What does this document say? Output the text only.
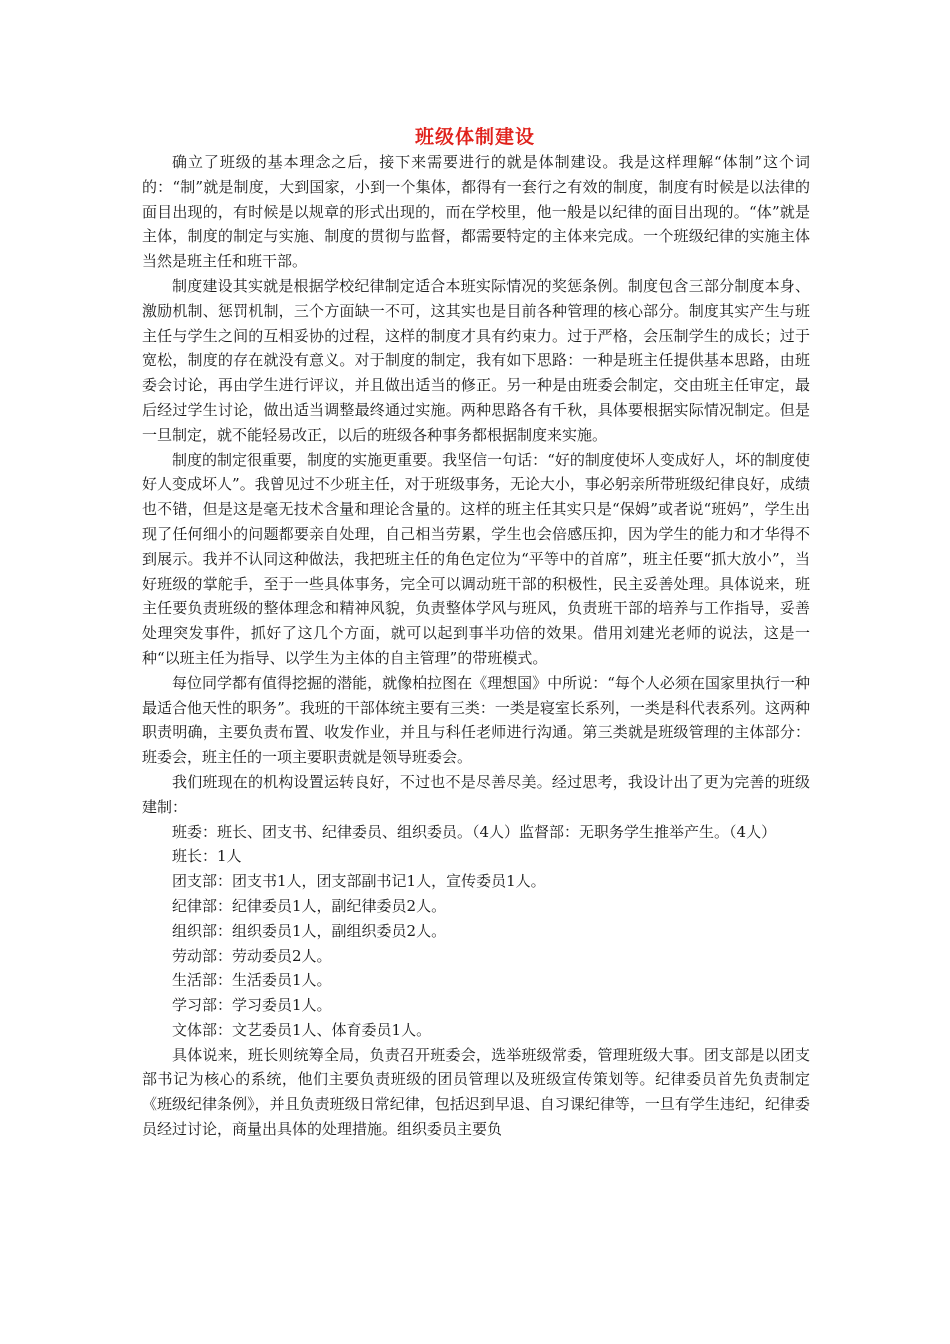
班级体制建设

确立了班级的基本理念之后，接下来需要进行的就是体制建设。我是这样理解“体制”这个词的：“制”就是制度，大到国家，小到一个集体，都得有一套行之有效的制度，制度有时候是以法律的面目出现的，有时候是以规章的形式出现的，而在学校里，他一般是以纪律的面目出现的。“体”就是主体，制度的制定与实施、制度的贯彻与监督，都需要特定的主体来完成。一个班级纪律的实施主体当然是班主任和班干部。

制度建设其实就是根据学校纪律制定适合本班实际情况的奖惩条例。制度包含三部分制度本身、激励机制、惩罚机制，三个方面缺一不可，这其实也是目前各种管理的核心部分。制度其实产生与班主任与学生之间的互相妥协的过程，这样的制度才具有约束力。过于严格，会压制学生的成长；过于宽松，制度的存在就没有意义。对于制度的制定，我有如下思路：一种是班主任提供基本思路，由班委会讨论，再由学生进行评议，并且做出适当的修正。另一种是由班委会制定，交由班主任审定，最后经过学生讨论，做出适当调整最终通过实施。两种思路各有千秋，具体要根据实际情况制定。但是一旦制定，就不能轻易改正，以后的班级各种事务都根据制度来实施。

制度的制定很重要，制度的实施更重要。我坚信一句话：“好的制度使坏人变成好人，坏的制度使好人变成坏人”。我曾见过不少班主任，对于班级事务，无论大小，事必躬亲所带班级纪律良好，成绩也不错，但是这是毫无技术含量和理论含量的。这样的班主任其实只是“保姆”或者说“班妈”，学生出现了任何细小的问题都要亲自处理，自己相当劳累，学生也会倍感压抑，因为学生的能力和才华得不到展示。我并不认同这种做法，我把班主任的角色定位为“平等中的首席”，班主任要“抓大放小”，当好班级的掌舵手，至于一些具体事务，完全可以调动班干部的积极性，民主妥善处理。具体说来，班主任要负责班级的整体理念和精神风貌，负责整体学风与班风，负责班干部的培养与工作指导，妥善处理突发事件，抓好了这几个方面，就可以起到事半功倍的效果。借用刘建光老师的说法，这是一种“以班主任为指导、以学生为主体的自主管理”的带班模式。

每位同学都有值得挖掘的潜能，就像柏拉图在《理想国》中所说：“每个人必须在国家里执行一种最适合他天性的职务”。我班的干部体统主要有三类：一类是寝室长系列，一类是科代表系列。这两种职责明确，主要负责布置、收发作业，并且与科任老师进行沟通。第三类就是班级管理的主体部分：班委会，班主任的一项主要职责就是领导班委会。

我们班现在的机构设置运转良好，不过也不是尽善尽美。经过思考，我设计出了更为完善的班级建制：

班委：班长、团支书、纪律委员、组织委员。（4人）监督部：无职务学生推举产生。（4人）

班长：1人

团支部：团支书1人，团支部副书记1人，宣传委员1人。

纪律部：纪律委员1人，副纪律委员2人。

组织部：组织委员1人，副组织委员2人。

劳动部：劳动委员2人。

生活部：生活委员1人。

学习部：学习委员1人。

文体部：文艺委员1人、体育委员1人。

具体说来，班长则统筹全局，负责召开班委会，选举班级常委，管理班级大事。团支部是以团支部书记为核心的系统，他们主要负责班级的团员管理以及班级宣传策划等。纪律委员首先负责制定《班级纪律条例》，并且负责班级日常纪律，包括迟到早退、自习课纪律等，一旦有学生违纪，纪律委员经过讨论，商量出具体的处理措施。组织委员主要负
